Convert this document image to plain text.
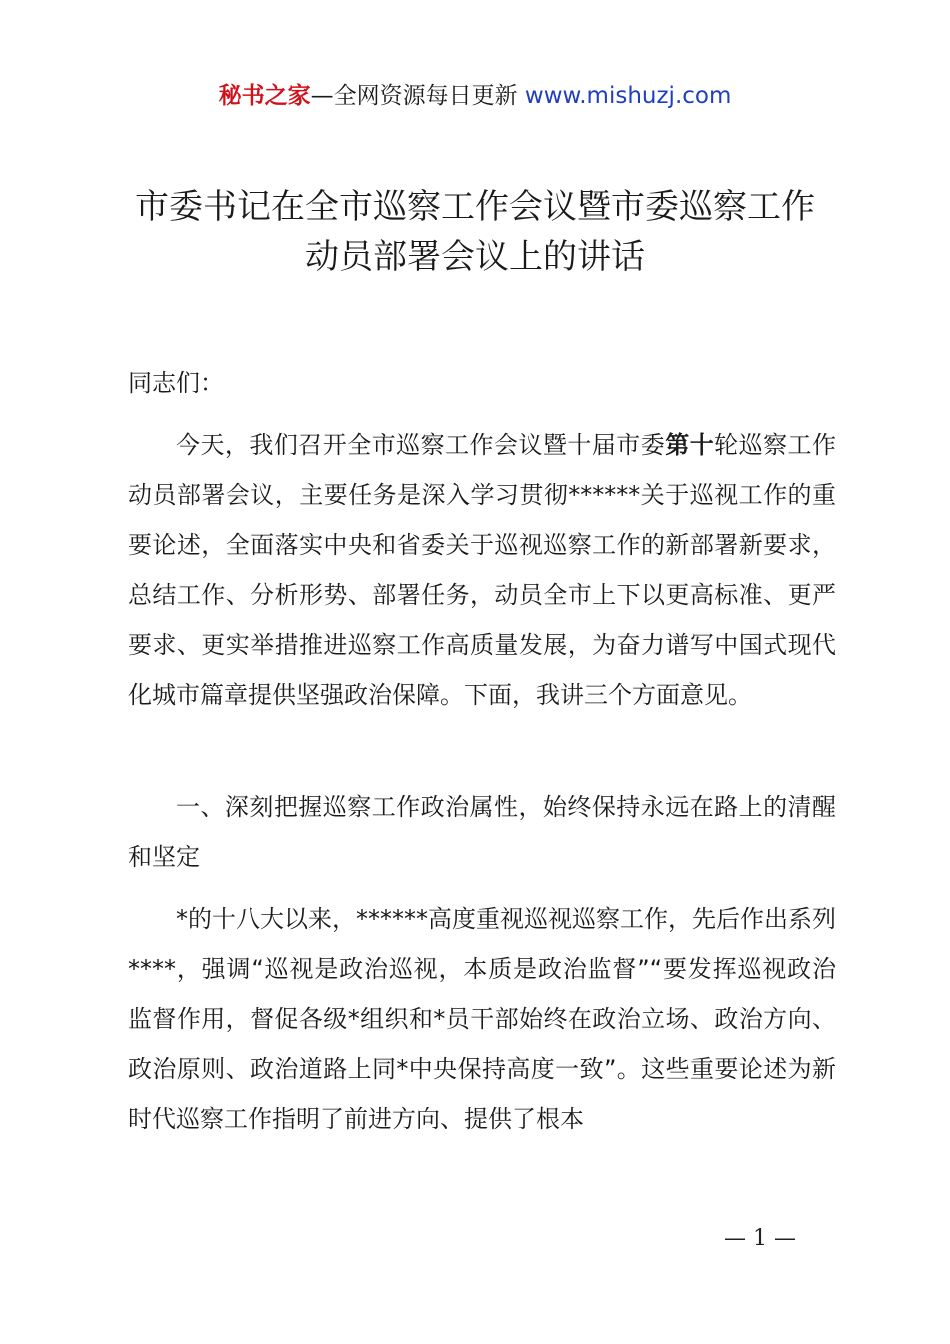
秘书之家—全网资源每日更新 www.mishuzj.com
市委书记在全市巡察工作会议暨市委巡察工作
动员部署会议上的讲话

同志们：

今天，我们召开全市巡察工作会议暨十届市委第十轮巡察工作动员部署会议，主要任务是深入学习贯彻******关于巡视工作的重要论述，全面落实中央和省委关于巡视巡察工作的新部署新要求，总结工作、分析形势、部署任务，动员全市上下以更高标准、更严要求、更实举措推进巡察工作高质量发展，为奋力谱写中国式现代化城市篇章提供坚强政治保障。下面，我讲三个方面意见。

一、深刻把握巡察工作政治属性，始终保持永远在路上的清醒和坚定

*的十八大以来，******高度重视巡视巡察工作，先后作出系列****，强调“巡视是政治巡视，本质是政治监督”“要发挥巡视政治监督作用，督促各级*组织和*员干部始终在政治立场、政治方向、政治原则、政治道路上同*中央保持高度一致”。这些重要论述为新时代巡察工作指明了前进方向、提供了根本

— 1 —
